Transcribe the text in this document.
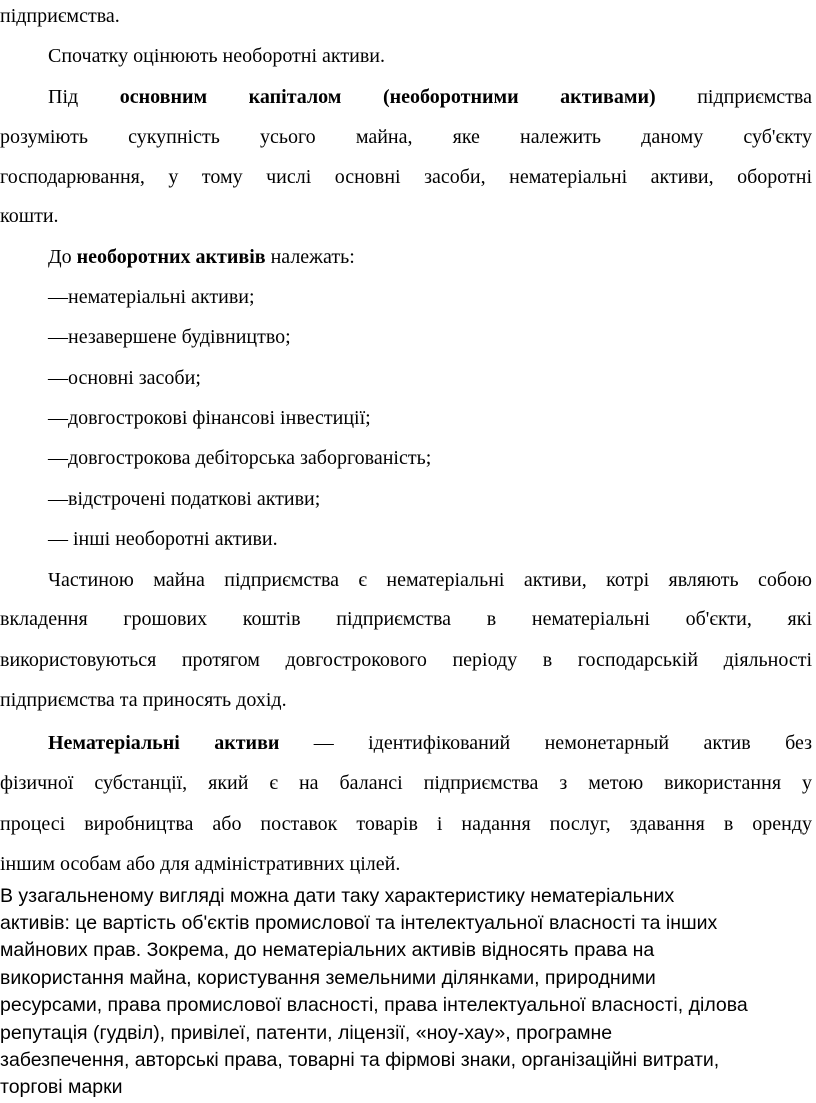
підприємства.
Спочатку оцінюють необоротні активи.
Під основним капіталом (необоротними активами) підприємства
розуміють сукупність усього майна, яке належить даному суб'єкту
господарювання, у тому числі основні засоби, нематеріальні активи, оборотні
кошти.
До необоротних активів належать:
—нематеріальні активи;
—незавершене будівництво;
—основні засоби;
—довгострокові фінансові інвестиції;
—довгострокова дебіторська заборгованість;
—відстрочені податкові активи;
— інші необоротні активи.
Частиною майна підприємства є нематеріальні активи, котрі являють собою
вкладення грошових коштів підприємства в нематеріальні об'єкти, які
використовуються протягом довгострокового періоду в господарській діяльності
підприємства та приносять дохід.
Нематеріальні активи — ідентифікований немонетарный актив без
фізичної субстанції, який є на балансі підприємства з метою використання у
процесі виробництва або поставок товарів і надання послуг, здавання в оренду
іншим особам або для адміністративних цілей.
В узагальненому вигляді можна дати таку характеристику нематеріальних
активів: це вартість об'єктів промислової та інтелектуальної власності та інших
майнових прав. Зокрема, до нематеріальних активів відносять права на
використання майна, користування земельними ділянками, природними
ресурсами, права промислової власності, права інтелектуальної власності, ділова
репутація (гудвіл), привілеї, патенти, ліцензії, «ноу-хау», програмне
забезпечення, авторські права, товарні та фірмові знаки, організаційні витрати,
торгові марки
